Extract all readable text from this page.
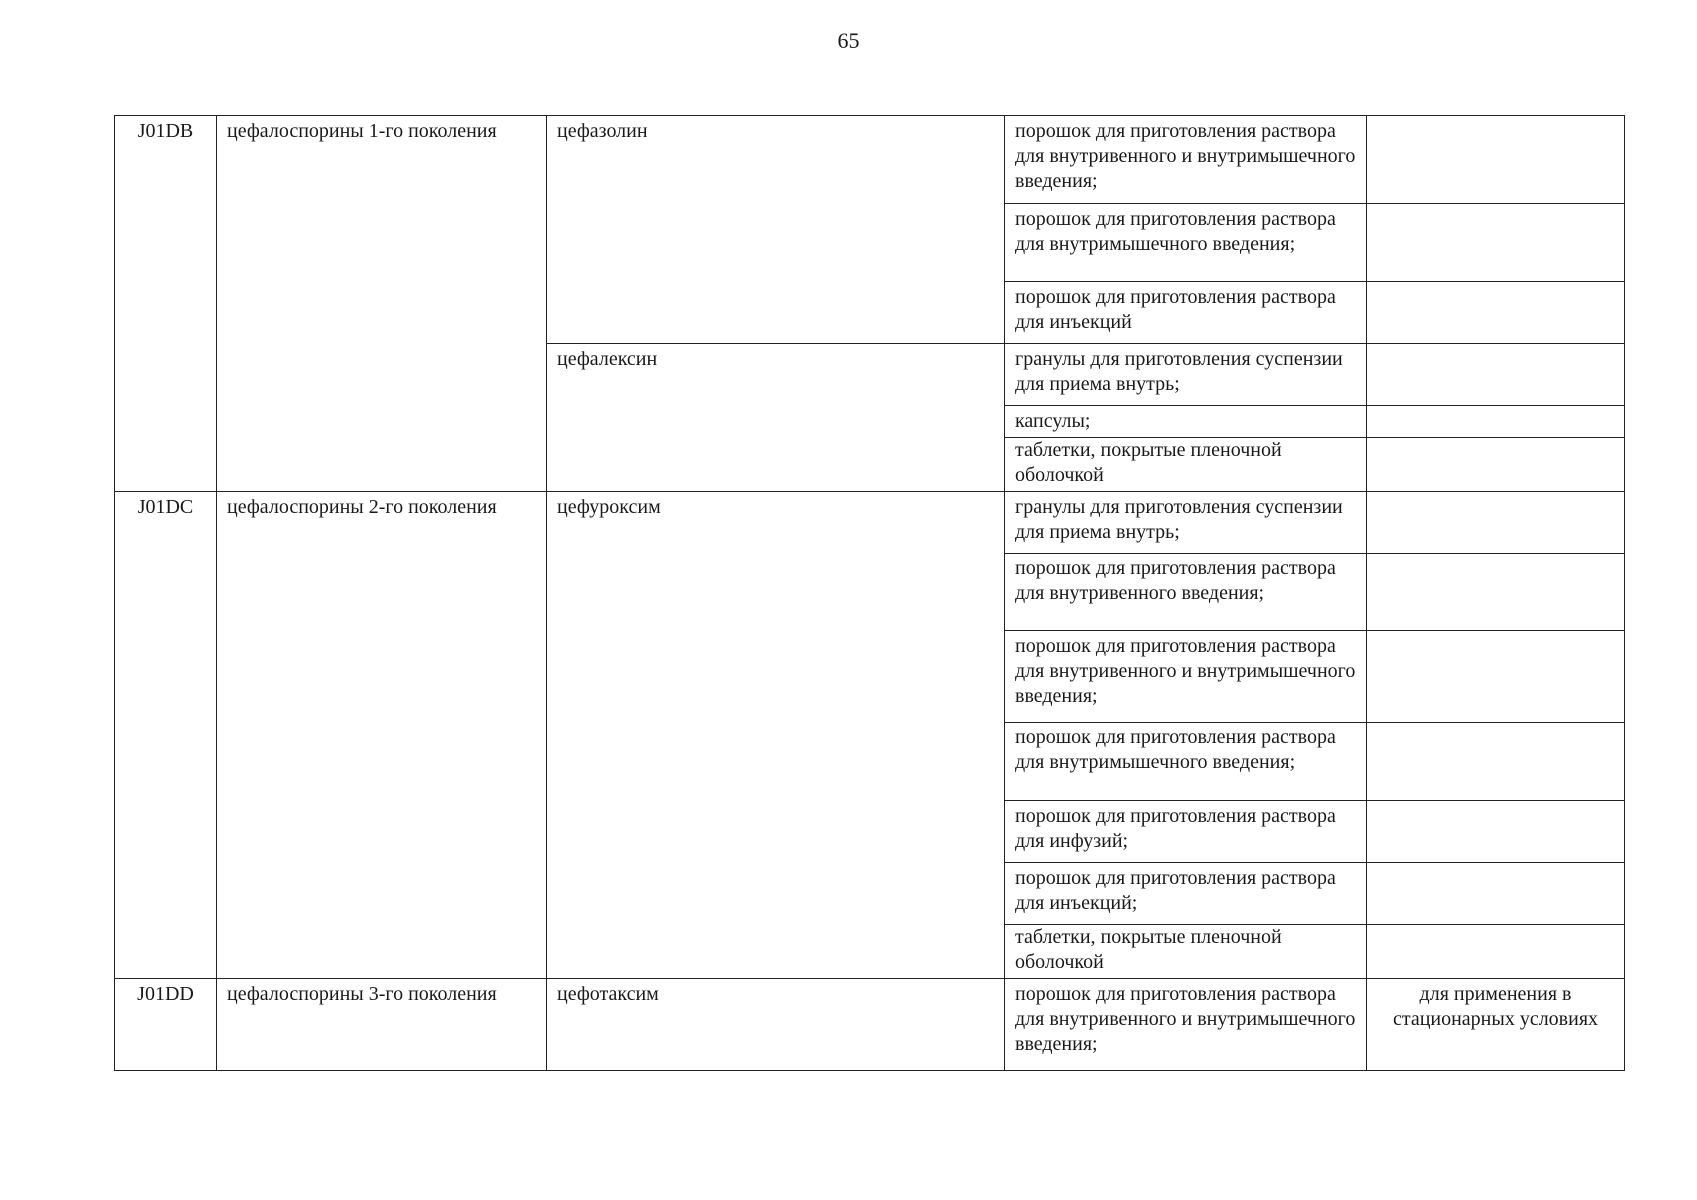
65
J01DB	цефалоспорины 1-го поколения	цефазолин	порошок для приготовления раствора для внутривенного и внутримышечного введения;	
			порошок для приготовления раствора для внутримышечного введения;	
			порошок для приготовления раствора для инъекций	
		цефалексин	гранулы для приготовления суспензии для приема внутрь;	
			капсулы;	
			таблетки, покрытые пленочной оболочкой	
J01DC	цефалоспорины 2-го поколения	цефуроксим	гранулы для приготовления суспензии для приема внутрь;	
			порошок для приготовления раствора для внутривенного введения;	
			порошок для приготовления раствора для внутривенного и внутримышечного введения;	
			порошок для приготовления раствора для внутримышечного введения;	
			порошок для приготовления раствора для инфузий;	
			порошок для приготовления раствора для инъекций;	
			таблетки, покрытые пленочной оболочкой	
J01DD	цефалоспорины 3-го поколения	цефотаксим	порошок для приготовления раствора для внутривенного и внутримышечного введения;	для применения в стационарных условиях
